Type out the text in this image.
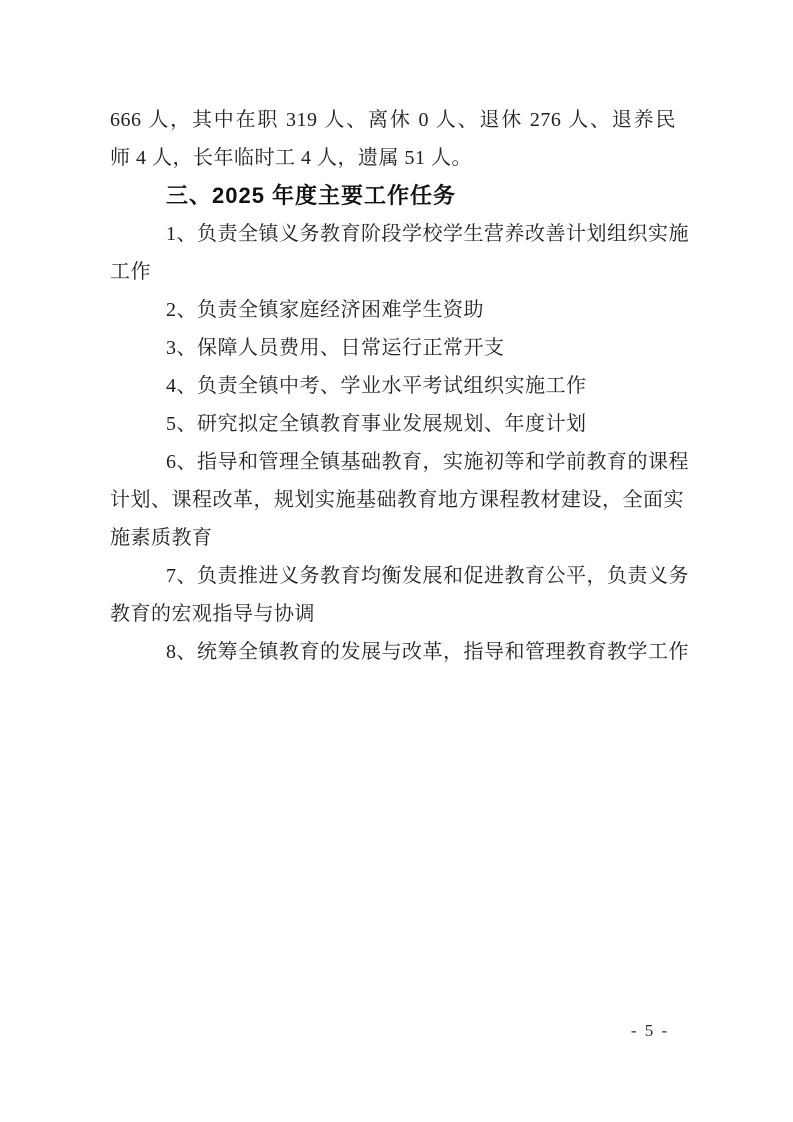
666 人，其中在职 319 人、离休 0 人、退休 276 人、退养民
师 4 人，长年临时工 4 人，遗属 51 人。
三、2025 年度主要工作任务
1、负责全镇义务教育阶段学校学生营养改善计划组织实施
工作
2、负责全镇家庭经济困难学生资助
3、保障人员费用、日常运行正常开支
4、负责全镇中考、学业水平考试组织实施工作
5、研究拟定全镇教育事业发展规划、年度计划
6、指导和管理全镇基础教育，实施初等和学前教育的课程
计划、课程改革，规划实施基础教育地方课程教材建设，全面实
施素质教育
7、负责推进义务教育均衡发展和促进教育公平，负责义务
教育的宏观指导与协调
8、统筹全镇教育的发展与改革，指导和管理教育教学工作
- 5 -
